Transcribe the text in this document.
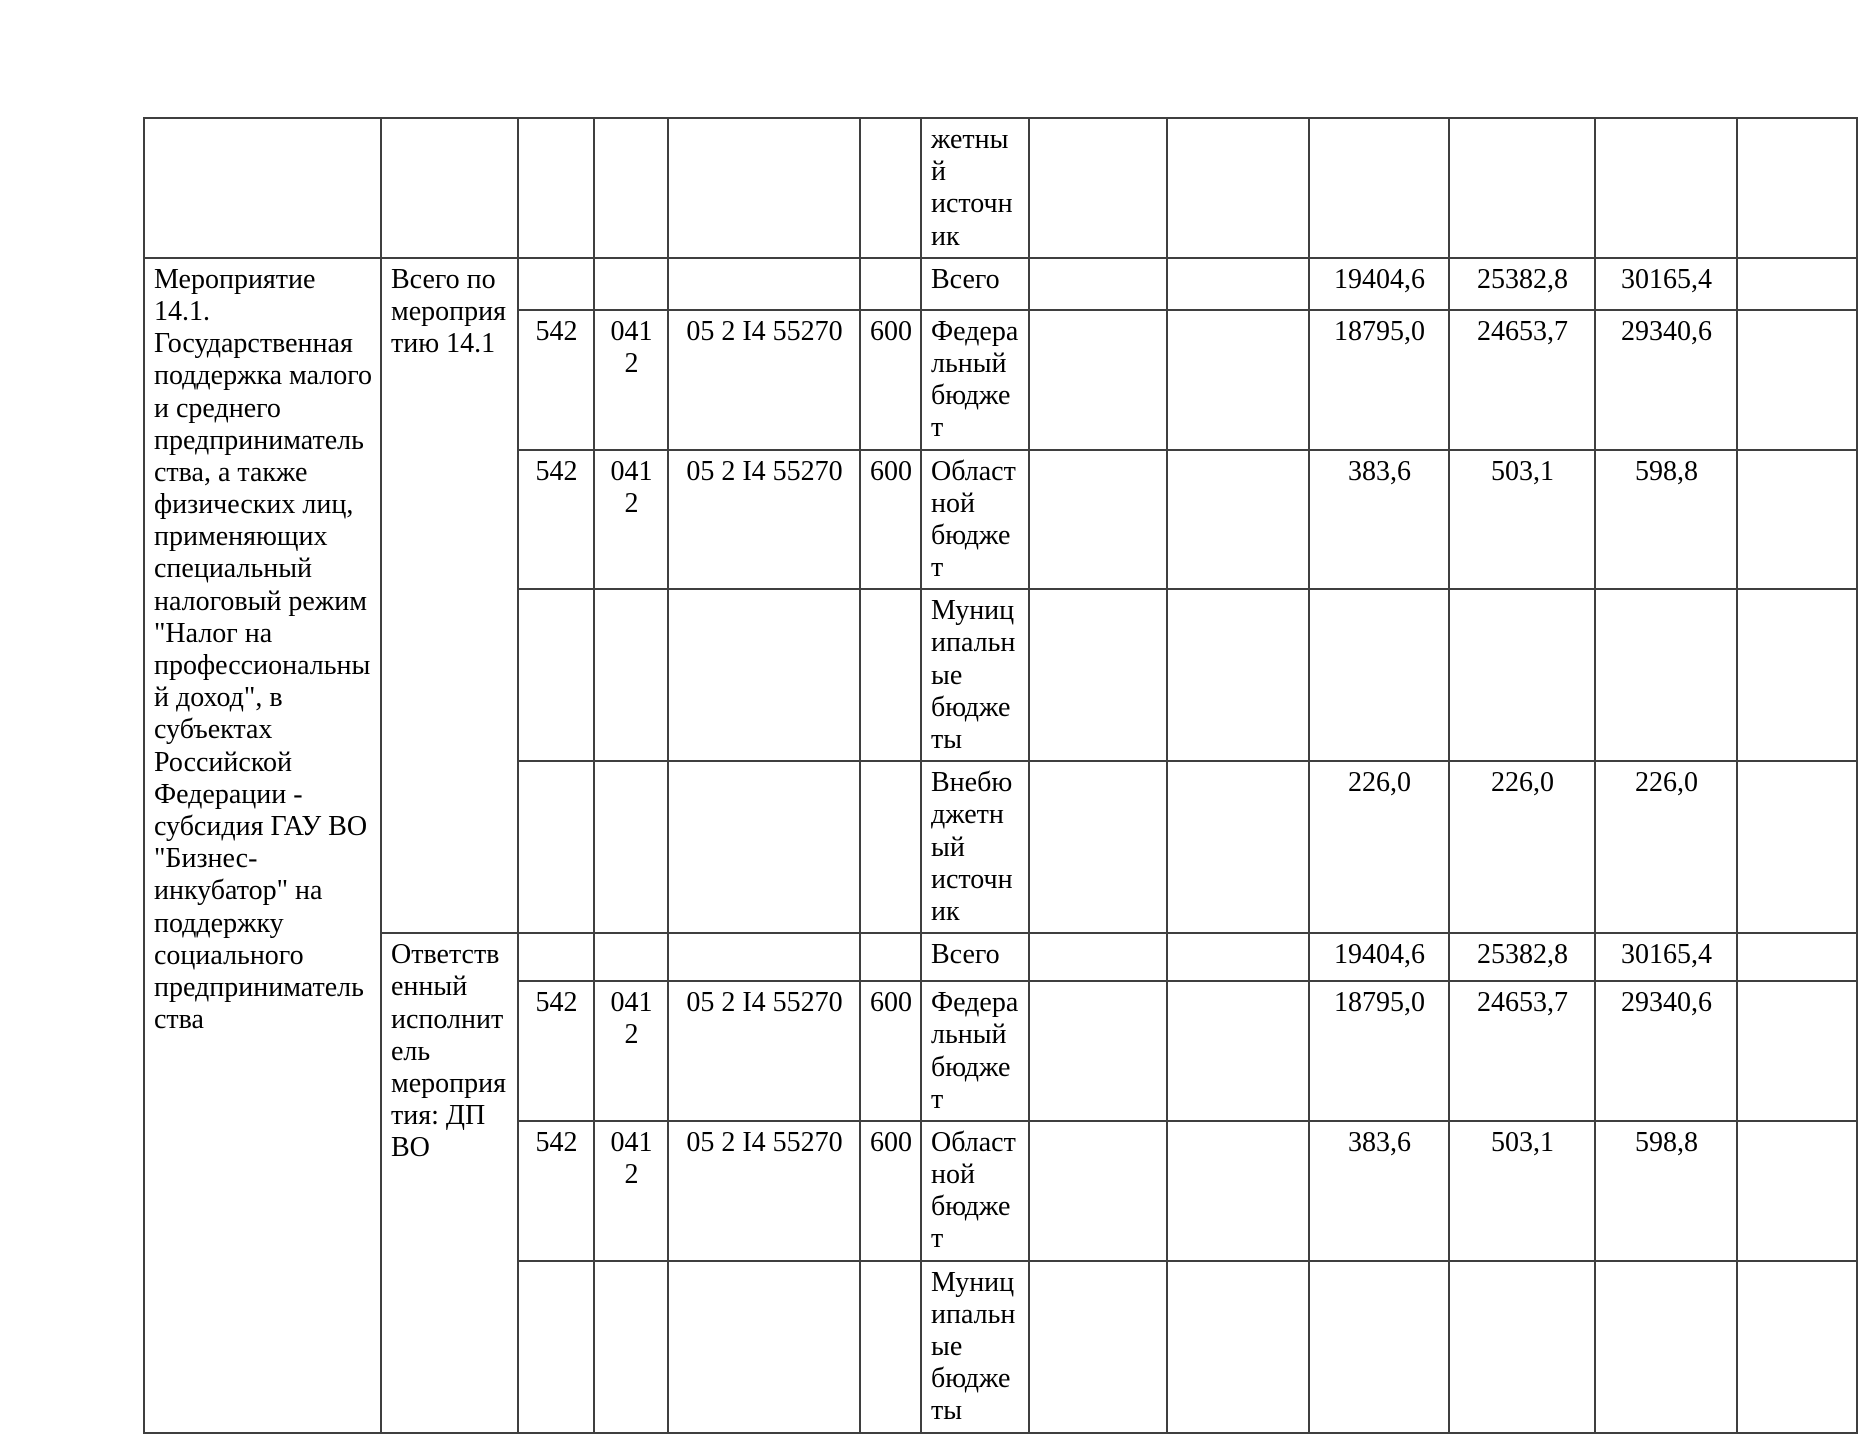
						жетный источник						
Мероприятие 14.1. Государственная поддержка малого и среднего предпринимательства, а также физических лиц, применяющих специальный налоговый режим "Налог на профессиональный доход", в субъектах Российской Федерации - субсидия ГАУ ВО "Бизнес-инкубатор" на поддержку социального предпринимательства	Всего по мероприятию 14.1					Всего			19404,6	25382,8	30165,4	
		542	0412	05 2 I4 55270	600	Федеральный бюджет			18795,0	24653,7	29340,6	
		542	0412	05 2 I4 55270	600	Областной бюджет			383,6	503,1	598,8	
						Муниципальные бюджеты						
						Внебюджетный источник			226,0	226,0	226,0	
	Ответственный исполнитель мероприятия: ДП ВО					Всего			19404,6	25382,8	30165,4	
		542	0412	05 2 I4 55270	600	Федеральный бюджет			18795,0	24653,7	29340,6	
		542	0412	05 2 I4 55270	600	Областной бюджет			383,6	503,1	598,8	
						Муниципальные бюджеты						
